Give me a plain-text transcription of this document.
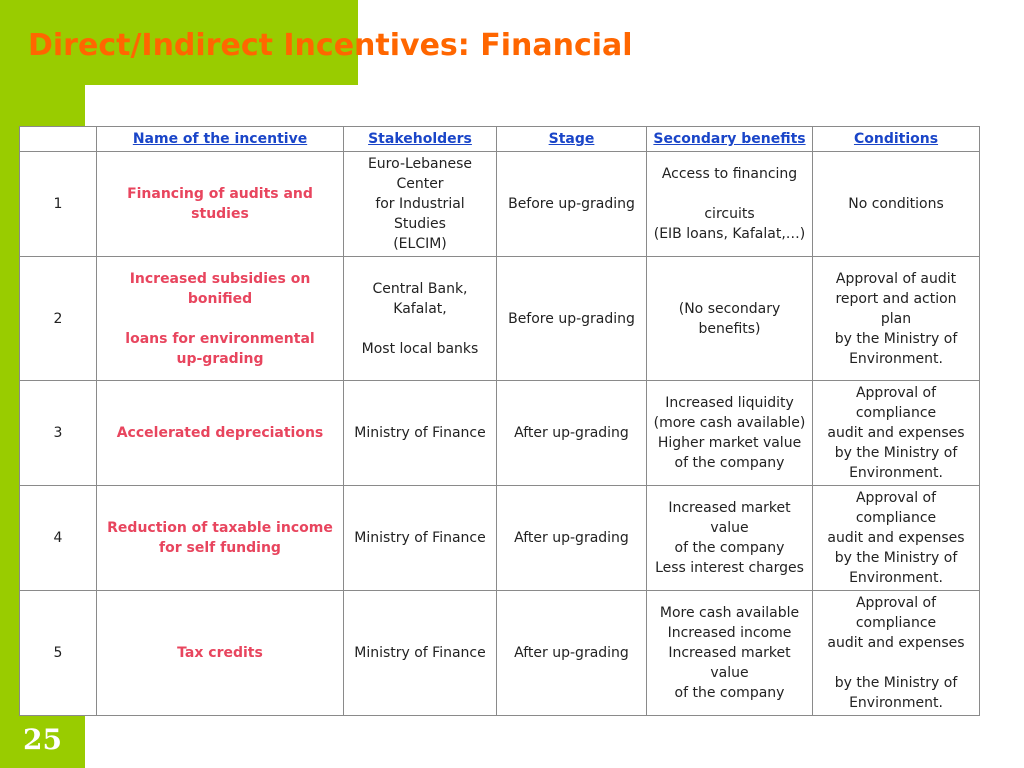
Direct/Indirect Incentives: Financial
	Name of the incentive	Stakeholders	Stage	Secondary benefits	Conditions
1	Financing of audits and
studies	Euro-Lebanese
Center
for Industrial
Studies
(ELCIM)	Before up-grading	Access to financing
circuits
(EIB loans, Kafalat,…)	No conditions

2	Increased subsidies on
bonified
loans for environmental
up-grading	Central Bank,
Kafalat,
Most local banks	Before up-grading	(No secondary
benefits)	Approval of audit
report and action
plan
by the Ministry of
Environment.

3	Accelerated depreciations	Ministry of Finance	After up-grading	Increased liquidity
(more cash available)
Higher market value
of the company	Approval of
compliance
audit and expenses
by the Ministry of
Environment.

4	Reduction of taxable income
for self funding	Ministry of Finance	After up-grading	Increased market
value
of the company
Less interest charges	Approval of
compliance
audit and expenses
by the Ministry of
Environment.

5	Tax credits	Ministry of Finance	After up-grading	More cash available
Increased income
Increased market
value
of the company	Approval of
compliance
audit and expenses
by the Ministry of
Environment.
25
